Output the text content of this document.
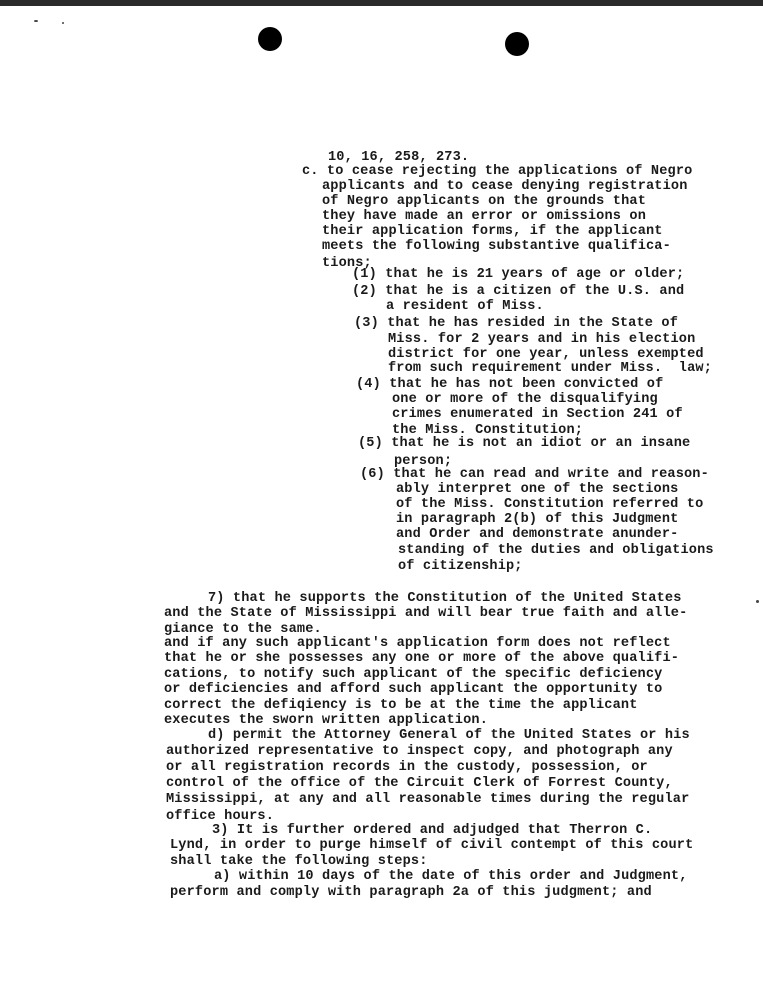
10, 16, 258, 273.
c. to cease rejecting the applications of Negro
applicants and to cease denying registration
of Negro applicants on the grounds that
they have made an error or omissions on
their application forms, if the applicant
meets the following substantive qualifica-
tions;
(1) that he is 21 years of age or older;
(2) that he is a citizen of the U.S. and
a resident of Miss.
(3) that he has resided in the State of
Miss. for 2 years and in his election
district for one year, unless exempted
from such requirement under Miss.  law;
(4) that he has not been convicted of
one or more of the disqualifying
crimes enumerated in Section 241 of
the Miss. Constitution;
(5) that he is not an idiot or an insane
person;
(6) that he can read and write and reason-
ably interpret one of the sections
of the Miss. Constitution referred to
in paragraph 2(b) of this Judgment
and Order and demonstrate anunder-
standing of the duties and obligations
of citizenship;
7) that he supports the Constitution of the United States
and the State of Mississippi and will bear true faith and alle-
giance to the same.
and if any such applicant's application form does not reflect
that he or she possesses any one or more of the above qualifi-
cations, to notify such applicant of the specific deficiency
or deficiencies and afford such applicant the opportunity to
correct the defiqiency is to be at the time the applicant
executes the sworn written application.
d) permit the Attorney General of the United States or his
authorized representative to inspect copy, and photograph any
or all registration records in the custody, possession, or
control of the office of the Circuit Clerk of Forrest County,
Mississippi, at any and all reasonable times during the regular
office hours.
3) It is further ordered and adjudged that Therron C.
Lynd, in order to purge himself of civil contempt of this court
shall take the following steps:
a) within 10 days of the date of this order and Judgment,
perform and comply with paragraph 2a of this judgment; and
